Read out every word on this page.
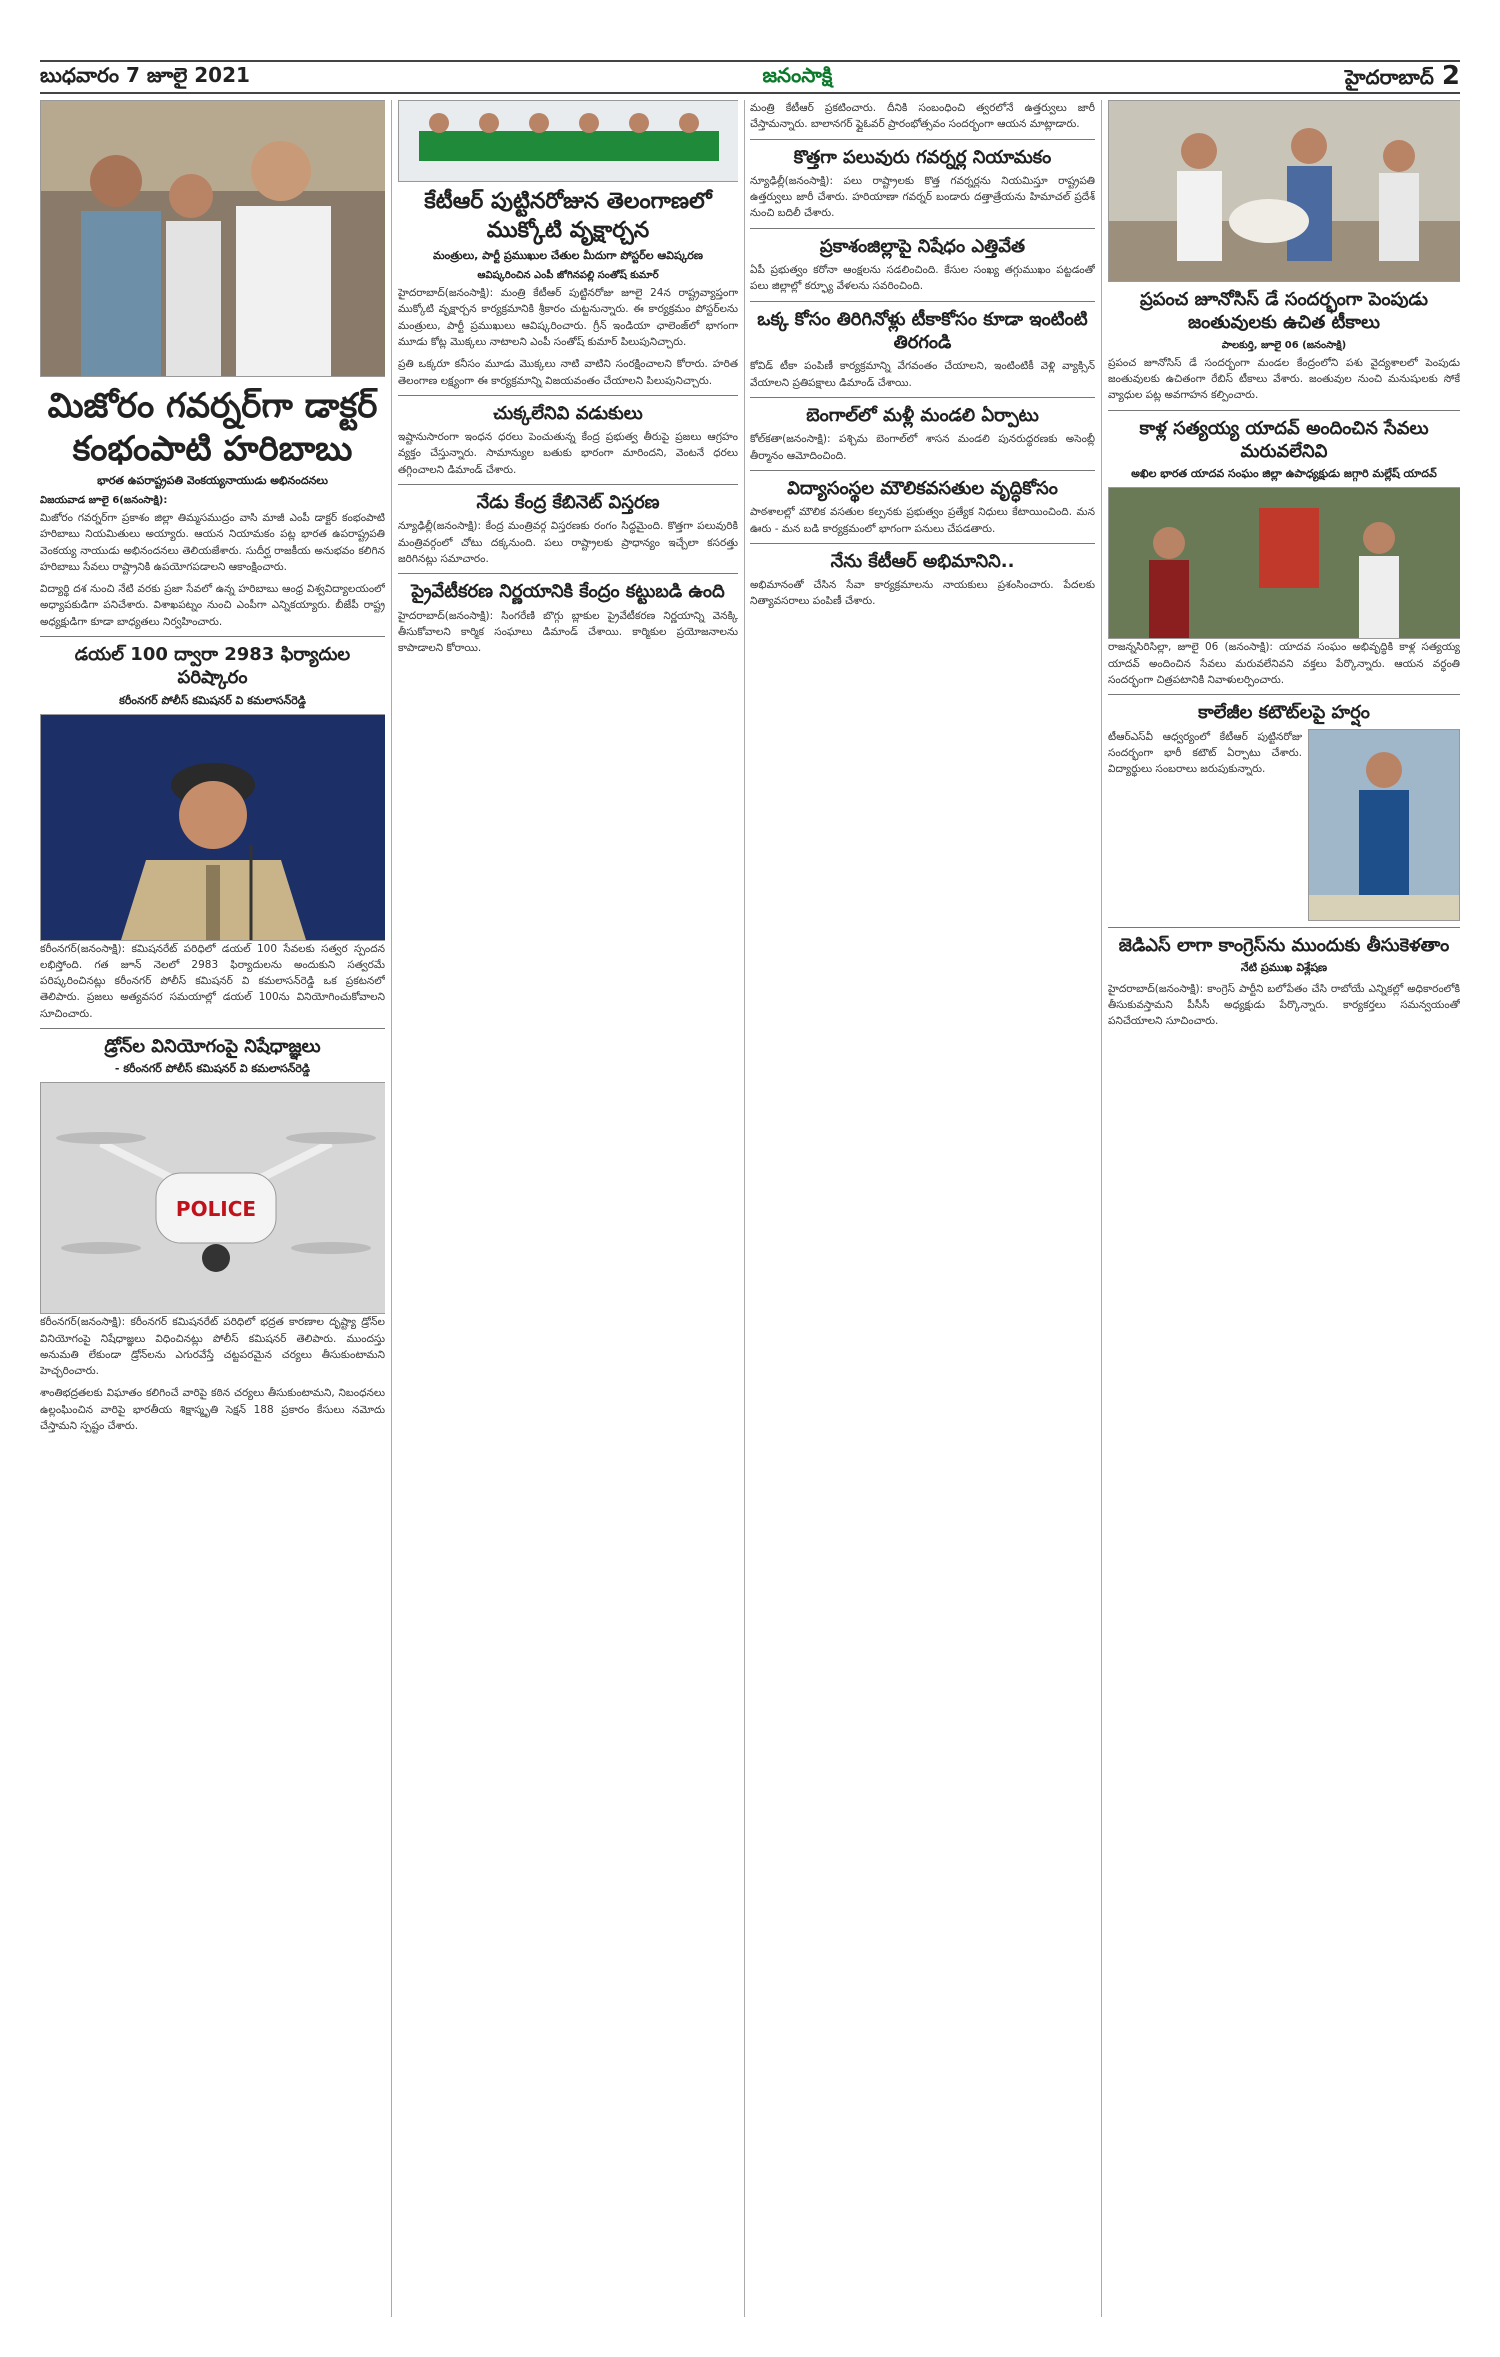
బుధవారం 7 జూలై 2021	జనంసాక్షి	హైదరాబాద్ 2
మిజోరం గవర్నర్‌గా డాక్టర్‌ కంభంపాటి హరిబాబు
భారత ఉపరాష్ట్రపతి వెంకయ్యనాయుడు అభినందనలు
విజయవాడ జూలై 6(జనంసాక్షి):

మిజోరం గవర్నర్‌గా ప్రకాశం జిల్లా తిమ్మసముద్రం వాసి మాజీ ఎంపీ డాక్టర్‌ కంభంపాటి హరిబాబు నియమితులు అయ్యారు. ఆయన నియామకం పట్ల భారత ఉపరాష్ట్రపతి వెంకయ్య నాయుడు అభినందనలు తెలియజేశారు. సుదీర్ఘ రాజకీయ అనుభవం కలిగిన హరిబాబు సేవలు రాష్ట్రానికి ఉపయోగపడాలని ఆకాంక్షించారు.

విద్యార్థి దశ నుంచి నేటి వరకు ప్రజా సేవలో ఉన్న హరిబాబు ఆంధ్ర విశ్వవిద్యాలయంలో అధ్యాపకుడిగా పనిచేశారు. విశాఖపట్నం నుంచి ఎంపీగా ఎన్నికయ్యారు. బీజేపీ రాష్ట్ర అధ్యక్షుడిగా కూడా బాధ్యతలు నిర్వహించారు.

డయల్‌ 100 ద్వారా 2983 ఫిర్యాదుల పరిష్కారం
కరీంనగర్‌ పోలీస్‌ కమిషనర్‌ వి కమలాసన్‌రెడ్డి

కరీంనగర్‌(జనంసాక్షి): కమిషనరేట్‌ పరిధిలో డయల్‌ 100 సేవలకు సత్వర స్పందన లభిస్తోంది. గత జూన్‌ నెలలో 2983 ఫిర్యాదులను అందుకుని సత్వరమే పరిష్కరించినట్లు కరీంనగర్‌ పోలీస్‌ కమిషనర్‌ వి కమలాసన్‌రెడ్డి ఒక ప్రకటనలో తెలిపారు. ప్రజలు అత్యవసర సమయాల్లో డయల్‌ 100ను వినియోగించుకోవాలని సూచించారు.

డ్రోన్‌ల వినియోగంపై నిషేధాజ్ఞలు
- కరీంనగర్‌ పోలీస్‌ కమిషనర్‌ వి కమలాసన్‌రెడ్డి
POLICE

కరీంనగర్‌(జనంసాక్షి): కరీంనగర్‌ కమిషనరేట్‌ పరిధిలో భద్రత కారణాల దృష్ట్యా డ్రోన్‌ల వినియోగంపై నిషేధాజ్ఞలు విధించినట్లు పోలీస్‌ కమిషనర్‌ తెలిపారు. ముందస్తు అనుమతి లేకుండా డ్రోన్‌లను ఎగురవేస్తే చట్టపరమైన చర్యలు తీసుకుంటామని హెచ్చరించారు.

శాంతిభద్రతలకు విఘాతం కలిగించే వారిపై కఠిన చర్యలు తీసుకుంటామని, నిబంధనలు ఉల్లంఘించిన వారిపై భారతీయ శిక్షాస్మృతి సెక్షన్‌ 188 ప్రకారం కేసులు నమోదు చేస్తామని స్పష్టం చేశారు.

కేటీఆర్‌ పుట్టినరోజున తెలంగాణలో ముక్కోటి వృక్షార్చన
మంత్రులు, పార్టీ ప్రముఖుల చేతుల మీదుగా పోస్టర్‌ల ఆవిష్కరణ
ఆవిష్కరించిన ఎంపీ జోగినపల్లి సంతోష్‌ కుమార్‌

హైదరాబాద్‌(జనంసాక్షి): మంత్రి కేటీఆర్‌ పుట్టినరోజు జూలై 24న రాష్ట్రవ్యాప్తంగా ముక్కోటి వృక్షార్చన కార్యక్రమానికి శ్రీకారం చుట్టనున్నారు. ఈ కార్యక్రమం పోస్టర్‌లను మంత్రులు, పార్టీ ప్రముఖులు ఆవిష్కరించారు. గ్రీన్‌ ఇండియా ఛాలెంజ్‌లో భాగంగా మూడు కోట్ల మొక్కలు నాటాలని ఎంపీ సంతోష్‌ కుమార్‌ పిలుపునిచ్చారు.

ప్రతి ఒక్కరూ కనీసం మూడు మొక్కలు నాటి వాటిని సంరక్షించాలని కోరారు. హరిత తెలంగాణ లక్ష్యంగా ఈ కార్యక్రమాన్ని విజయవంతం చేయాలని పిలుపునిచ్చారు.

చుక్కలేనివి వడుకులు

ఇష్టానుసారంగా ఇంధన ధరలు పెంచుతున్న కేంద్ర ప్రభుత్వ తీరుపై ప్రజలు ఆగ్రహం వ్యక్తం చేస్తున్నారు. సామాన్యుల బతుకు భారంగా మారిందని, వెంటనే ధరలు తగ్గించాలని డిమాండ్‌ చేశారు.

నేడు కేంద్ర కేబినెట్‌ విస్తరణ

న్యూఢిల్లీ(జనంసాక్షి): కేంద్ర మంత్రివర్గ విస్తరణకు రంగం సిద్ధమైంది. కొత్తగా పలువురికి మంత్రివర్గంలో చోటు దక్కనుంది. పలు రాష్ట్రాలకు ప్రాధాన్యం ఇచ్చేలా కసరత్తు జరిగినట్లు సమాచారం.

ప్రైవేటీకరణ నిర్ణయానికి కేంద్రం కట్టుబడి ఉంది

హైదరాబాద్‌(జనంసాక్షి): సింగరేణి బొగ్గు బ్లాకుల ప్రైవేటీకరణ నిర్ణయాన్ని వెనక్కి తీసుకోవాలని కార్మిక సంఘాలు డిమాండ్‌ చేశాయి. కార్మికుల ప్రయోజనాలను కాపాడాలని కోరాయి.

మంత్రి కేటీఆర్‌ ప్రకటించారు. దీనికి సంబంధించి త్వరలోనే ఉత్తర్వులు జారీ చేస్తామన్నారు. బాలానగర్‌ ఫ్లైఓవర్‌ ప్రారంభోత్సవం సందర్భంగా ఆయన మాట్లాడారు.

కొత్తగా పలువురు గవర్నర్ల నియామకం

న్యూఢిల్లీ(జనంసాక్షి): పలు రాష్ట్రాలకు కొత్త గవర్నర్లను నియమిస్తూ రాష్ట్రపతి ఉత్తర్వులు జారీ చేశారు. హరియాణా గవర్నర్‌ బండారు దత్తాత్రేయను హిమాచల్‌ ప్రదేశ్‌ నుంచి బదిలీ చేశారు.

ప్రకాశంజిల్లాపై నిషేధం ఎత్తివేత

ఏపీ ప్రభుత్వం కరోనా ఆంక్షలను సడలించింది. కేసుల సంఖ్య తగ్గుముఖం పట్టడంతో పలు జిల్లాల్లో కర్ఫ్యూ వేళలను సవరించింది.

ఒక్క కోసం తిరిగినోళ్లు టీకాకోసం కూడా ఇంటింటి తిరగండి

కోవిడ్‌ టీకా పంపిణీ కార్యక్రమాన్ని వేగవంతం చేయాలని, ఇంటింటికీ వెళ్లి వ్యాక్సిన్‌ వేయాలని ప్రతిపక్షాలు డిమాండ్‌ చేశాయి.

బెంగాల్‌లో మళ్లీ మండలి ఏర్పాటు

కోల్‌కతా(జనంసాక్షి): పశ్చిమ బెంగాల్‌లో శాసన మండలి పునరుద్ధరణకు అసెంబ్లీ తీర్మానం ఆమోదించింది.

విద్యాసంస్థల మౌలికవసతుల వృద్ధికోసం

పాఠశాలల్లో మౌలిక వసతుల కల్పనకు ప్రభుత్వం ప్రత్యేక నిధులు కేటాయించింది. మన ఊరు - మన బడి కార్యక్రమంలో భాగంగా పనులు చేపడతారు.

నేను కేటీఆర్‌ అభిమానిని..

అభిమానంతో చేసిన సేవా కార్యక్రమాలను నాయకులు ప్రశంసించారు. పేదలకు నిత్యావసరాలు పంపిణీ చేశారు.

ప్రపంచ జూనోసిస్‌ డే సందర్భంగా పెంపుడు జంతువులకు ఉచిత టీకాలు
పాలకుర్తి, జూలై 06 (జనంసాక్షి)

ప్రపంచ జూనోసిస్‌ డే సందర్భంగా మండల కేంద్రంలోని పశు వైద్యశాలలో పెంపుడు జంతువులకు ఉచితంగా రేబిస్‌ టీకాలు వేశారు. జంతువుల నుంచి మనుషులకు సోకే వ్యాధుల పట్ల అవగాహన కల్పించారు.

కాళ్ల సత్యయ్య యాదవ్‌ అందించిన సేవలు మరువలేనివి
అఖిల భారత యాదవ సంఘం జిల్లా ఉపాధ్యక్షుడు జగ్గారి మల్లేష్‌ యాదవ్‌

రాజన్నసిరిసిల్లా, జూలై 06 (జనంసాక్షి): యాదవ సంఘం అభివృద్ధికి కాళ్ల సత్యయ్య యాదవ్‌ అందించిన సేవలు మరువలేనివని వక్తలు పేర్కొన్నారు. ఆయన వర్ధంతి సందర్భంగా చిత్రపటానికి నివాళులర్పించారు.

కాలేజీల కటౌట్‌లపై హర్షం

టీఆర్‌ఎస్‌వీ ఆధ్వర్యంలో కేటీఆర్‌ పుట్టినరోజు సందర్భంగా భారీ కటౌట్‌ ఏర్పాటు చేశారు. విద్యార్థులు సంబరాలు జరుపుకున్నారు.

జెడిఎస్‌ లాగా కాంగ్రెస్‌ను ముందుకు తీసుకెళతాం
నేటి ప్రముఖ విశ్లేషణ

హైదరాబాద్‌(జనంసాక్షి): కాంగ్రెస్‌ పార్టీని బలోపేతం చేసి రాబోయే ఎన్నికల్లో అధికారంలోకి తీసుకువస్తామని పీసీసీ అధ్యక్షుడు పేర్కొన్నారు. కార్యకర్తలు సమన్వయంతో పనిచేయాలని సూచించారు.
